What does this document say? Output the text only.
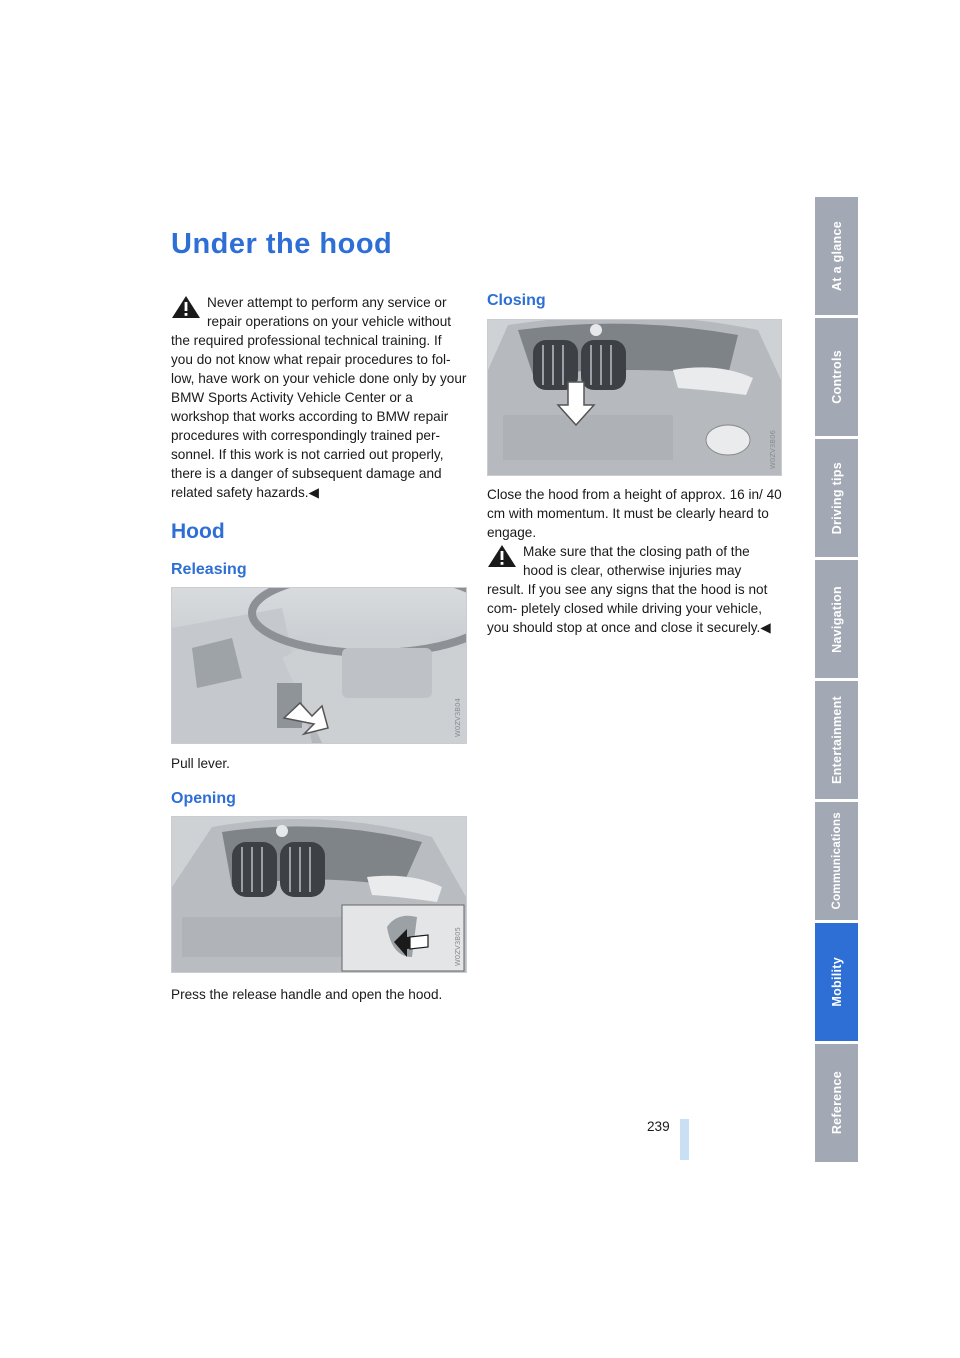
Under the hood
Never attempt to perform any service or
repair operations on your vehicle without
the required professional technical training. If you do not know what repair procedures to fol- low, have work on your vehicle done only by your BMW Sports Activity Vehicle Center or a workshop that works according to BMW repair procedures with correspondingly trained per- sonnel. If this work is not carried out properly, there is a danger of subsequent damage and related safety hazards.◀
Hood
Releasing
W0ZV3B04
Pull lever.
Opening
W0ZV3B05
Press the release handle and open the hood.
Closing
W0ZV3B06
Close the hood from a height of approx. 16 in/ 40 cm with momentum. It must be clearly heard to engage.
Make sure that the closing path of the
hood is clear, otherwise injuries may
result. If you see any signs that the hood is not com- pletely closed while driving your vehicle, you should stop at once and close it securely.◀
At a glance
Controls
Driving tips
Navigation
Entertainment
Communications
Mobility
Reference
239
